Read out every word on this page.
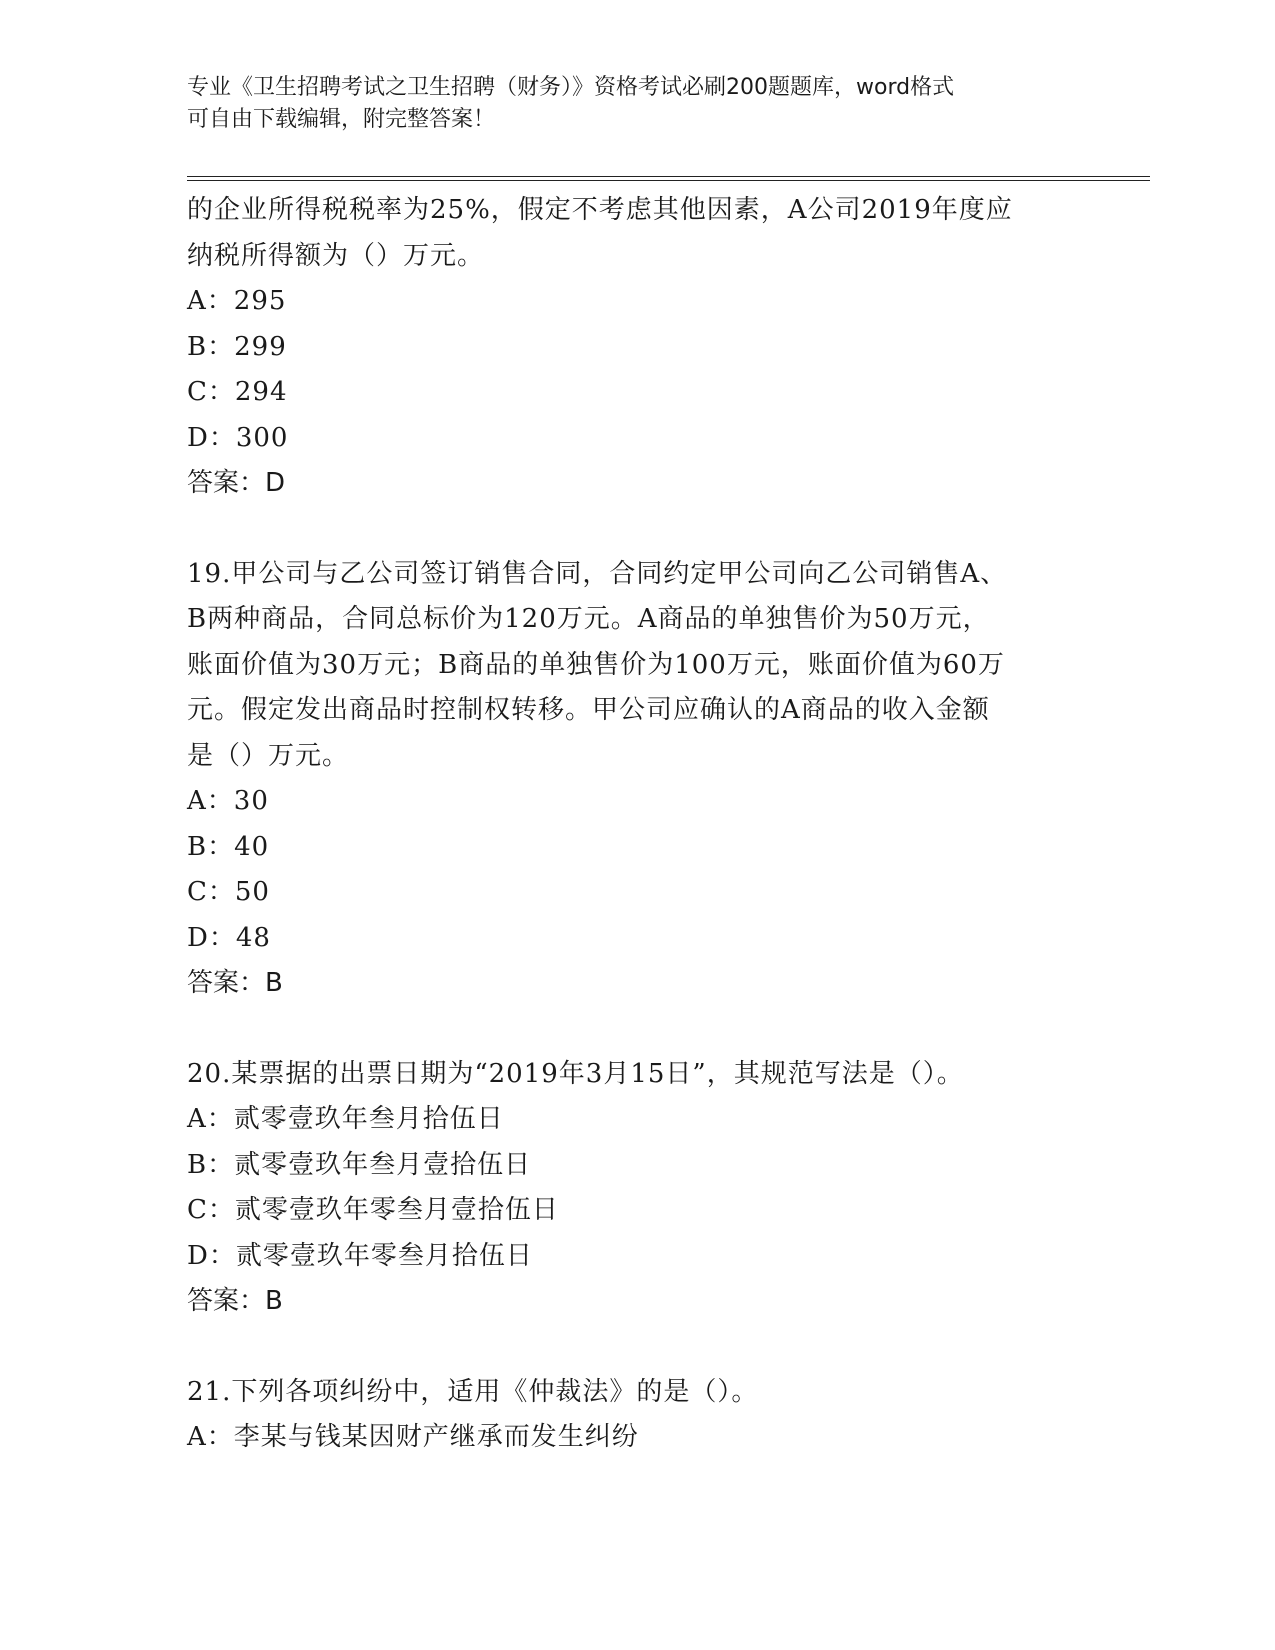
专业《卫生招聘考试之卫生招聘（财务）》资格考试必刷200题题库，word格式
可自由下载编辑，附完整答案！
的企业所得税税率为25%，假定不考虑其他因素，A公司2019年度应
纳税所得额为（）万元。
A：295
B：299
C：294
D：300
答案：D
19.甲公司与乙公司签订销售合同，合同约定甲公司向乙公司销售A、
B两种商品，合同总标价为120万元。A商品的单独售价为50万元，
账面价值为30万元；B商品的单独售价为100万元，账面价值为60万
元。假定发出商品时控制权转移。甲公司应确认的A商品的收入金额
是（）万元。
A：30
B：40
C：50
D：48
答案：B
20.某票据的出票日期为“2019年3月15日”，其规范写法是（）。
A：贰零壹玖年叁月拾伍日
B：贰零壹玖年叁月壹拾伍日
C：贰零壹玖年零叁月壹拾伍日
D：贰零壹玖年零叁月拾伍日
答案：B
21.下列各项纠纷中，适用《仲裁法》的是（）。
A：李某与钱某因财产继承而发生纠纷
